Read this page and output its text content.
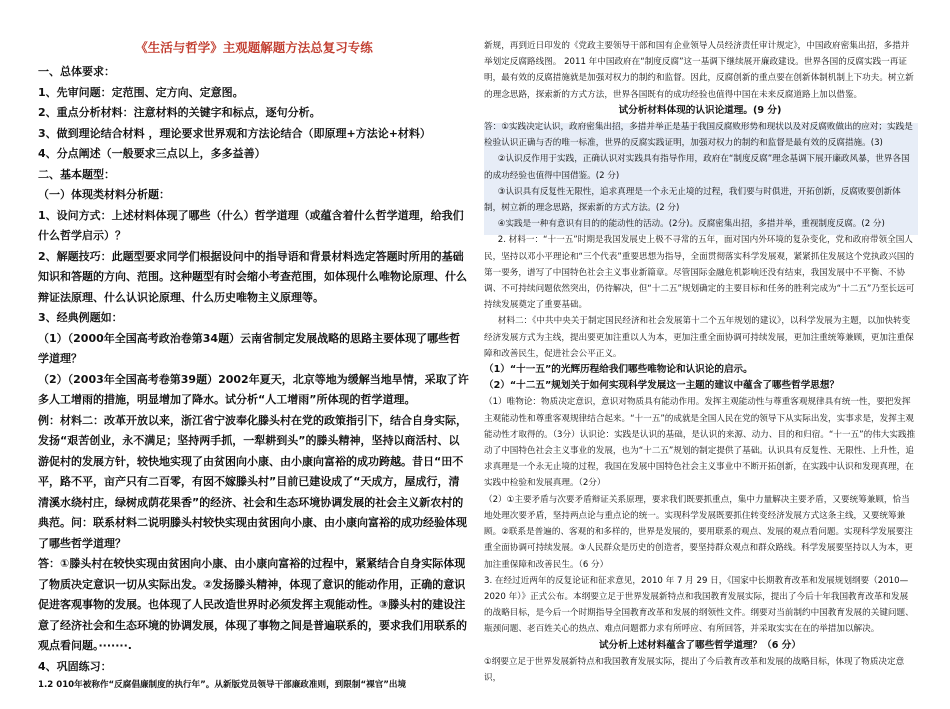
《生活与哲学》主观题解题方法总复习专练

一、总体要求：

1、先审问题：定范围、定方向、定意图。

2、重点分析材料：注意材料的关键字和标点，逐句分析。

3、做到理论结合材料 ，理论要求世界观和方法论结合（即原理+方法论+材料）

4、分点阐述（一般要求三点以上，多多益善）

二、基本题型：

（一）体现类材料分析题：

1、设问方式：上述材料体现了哪些（什么）哲学道理（或蕴含着什么哲学道理，给我们什么哲学启示）？

2、解题技巧：此题型要求同学们根据设问中的指导语和背景材料选定答题时所用的基础知识和答题的方向、范围。这种题型有时会缩小考查范围，如体现什么唯物论原理、什么辩证法原理、什么认识论原理、什么历史唯物主义原理等。

3、经典例题如：

（1）（2000年全国高考政治卷第34题）云南省制定发展战略的思路主要体现了哪些哲学道理？

（2）（2003年全国高考卷第39题）2002年夏天，北京等地为缓解当地旱情，采取了许多人工增雨的措施，明显增加了降水。试分析“人工增雨”所体现的哲学道理。

例：材料二：改革开放以来，浙江省宁波奉化滕头村在党的政策指引下，结合自身实际，发扬“艰苦创业，永不满足；坚持两手抓，一犁耕到头”的滕头精神，坚持以商活村、以游促村的发展方针，较快地实现了由贫困向小康、由小康向富裕的成功跨越。昔日“田不平，路不平，亩产只有二百零，有囡不嫁滕头村”目前已建设成了“天成方，屋成行，清清溪水绕村庄，绿树成荫花果香”的经济、社会和生态环境协调发展的社会主义新农村的典范。问：联系材料二说明滕头村较快实现由贫困向小康、由小康向富裕的成功经验体现了哪些哲学道理？

答：①滕头村在较快实现由贫困向小康、由小康向富裕的过程中，紧紧结合自身实际体现了物质决定意识一切从实际出发。②发扬滕头精神，体现了意识的能动作用，正确的意识促进客观事物的发展。也体现了人民改造世界时必须发挥主观能动性。③滕头村的建设注意了经济社会和生态环境的协调发展，体现了事物之间是普遍联系的，要求我们用联系的观点看问题。·······.

4、巩固练习：

1.2 010年被称作“反腐倡廉制度的执行年”。从新版党员领导干部廉政准则，到限制“裸官”出境

新规，再到近日印发的《党政主要领导干部和国有企业领导人员经济责任审计规定》，中国政府密集出招，多措并举划定反腐路线图。 2011 年中国政府在“制度反腐”这一基调下继续展开廉政建设。世界各国的反腐实践一再证明，最有效的反腐措施就是加强对权力的制约和监督。因此，反腐创新的重点要在创新体制机制上下功夫。树立新的理念思路，探索新的方式方法，世界各国既有的成功经验也值得中国在未来反腐道路上加以借鉴。

试分析材料体现的认识论道理。(9 分)

答：①实践决定认识，政府密集出招，多措并举正是基于我国反腐败形势和现状以及对反腐败做出的应对；实践是检验认识正确与否的唯一标准，世界的反腐实践证明，加强对权力的制约和监督是最有效的反腐措施。(3)

②认识反作用于实践，正确认识对实践具有指导作用，政府在“制度反腐”理念基调下展开廉政风暴，世界各国的成功经验也值得中国借鉴。(2 分)

③认识具有反复性无限性，追求真理是一个永无止境的过程，我们要与时俱进，开拓创新，反腐败要创新体制，树立新的理念思路，探索新的方式方法。(2 分)

④实践是一种有意识有目的的能动性的活动。(2分)。反腐密集出招，多措并举，重视制度反腐。(2 分)

2. 材料一：“十一五”时期是我国发展史上极不寻常的五年，面对国内外环境的复杂变化，党和政府带领全国人民，坚持以邓小平理论和“三个代表”重要思想为指导，全面贯彻落实科学发展观，紧紧抓住发展这个党执政兴国的第一要务，谱写了中国特色社会主义事业新篇章。尽管国际金融危机影响还没有结束，我国发展中不平衡、不协调、不可持续问题依然突出，仍待解决，但“十二五”规划确定的主要目标和任务的胜利完成为“十二五”乃至长远可持续发展奠定了重要基础。

材料二：《中共中央关于制定国民经济和社会发展第十二个五年规划的建议》，以科学发展为主题，以加快转变经济发展方式为主线，提出要更加注重以人为本，更加注重全面协调可持续发展，更加注重统筹兼顾，更加注重保障和改善民生，促进社会公平正义。

（1）“十一五”的光辉历程给我们哪些唯物论和认识论的启示。

（2）“十二五”规划关于如何实现科学发展这一主题的建议中蕴含了哪些哲学思想？

（1）唯物论：物质决定意识，意识对物质具有能动作用。发挥主观能动性与尊重客观规律具有统一性，要把发挥主观能动性和尊重客观规律结合起来。“十一五”的成就是全国人民在党的领导下从实际出发，实事求是，发挥主观能动性才取得的。（3分）认识论：实践是认识的基础，是认识的来源、动力、目的和归宿。“十一五”的伟大实践推动了中国特色社会主义事业的发展，也为“十二五”规划的制定提供了基础。认识具有反复性、无限性、上升性，追求真理是一个永无止境的过程，我国在发展中国特色社会主义事业中不断开拓创新，在实践中认识和发现真理，在实践中检验和发展真理。（2分）

（2）①主要矛盾与次要矛盾辩证关系原理，要求我们既要抓重点，集中力量解决主要矛盾，又要统筹兼顾，恰当地处理次要矛盾，坚持两点论与重点论的统一。实现科学发展既要抓住转变经济发展方式这条主线，又要统筹兼顾。②联系是普遍的、客观的和多样的，世界是发展的，要用联系的观点、发展的观点看问题。实现科学发展要注重全面协调可持续发展。③人民群众是历史的创造者，要坚持群众观点和群众路线。科学发展要坚持以人为本，更加注重保障和改善民生。（6 分）

3. 在经过近两年的反复论证和征求意见，2010 年 7 月 29 日，《国家中长期教育改革和发展规划纲要（2010—2020 年）》正式公布。本纲要立足于世界发展新特点和我国教育发展实际，提出了今后十年我国教育改革和发展的战略目标，是今后一个时期指导全国教育改革和发展的纲领性文件。纲要对当前制约中国教育发展的关键问题、瓶颈问题、老百姓关心的热点、难点问题都力求有所呼应、有所回答，并采取实实在在的举措加以解决。

试分析上述材料蕴含了哪些哲学道理？（6 分）

①纲要立足于世界发展新特点和我国教育发展实际，提出了今后教育改革和发展的战略目标，体现了物质决定意识，
